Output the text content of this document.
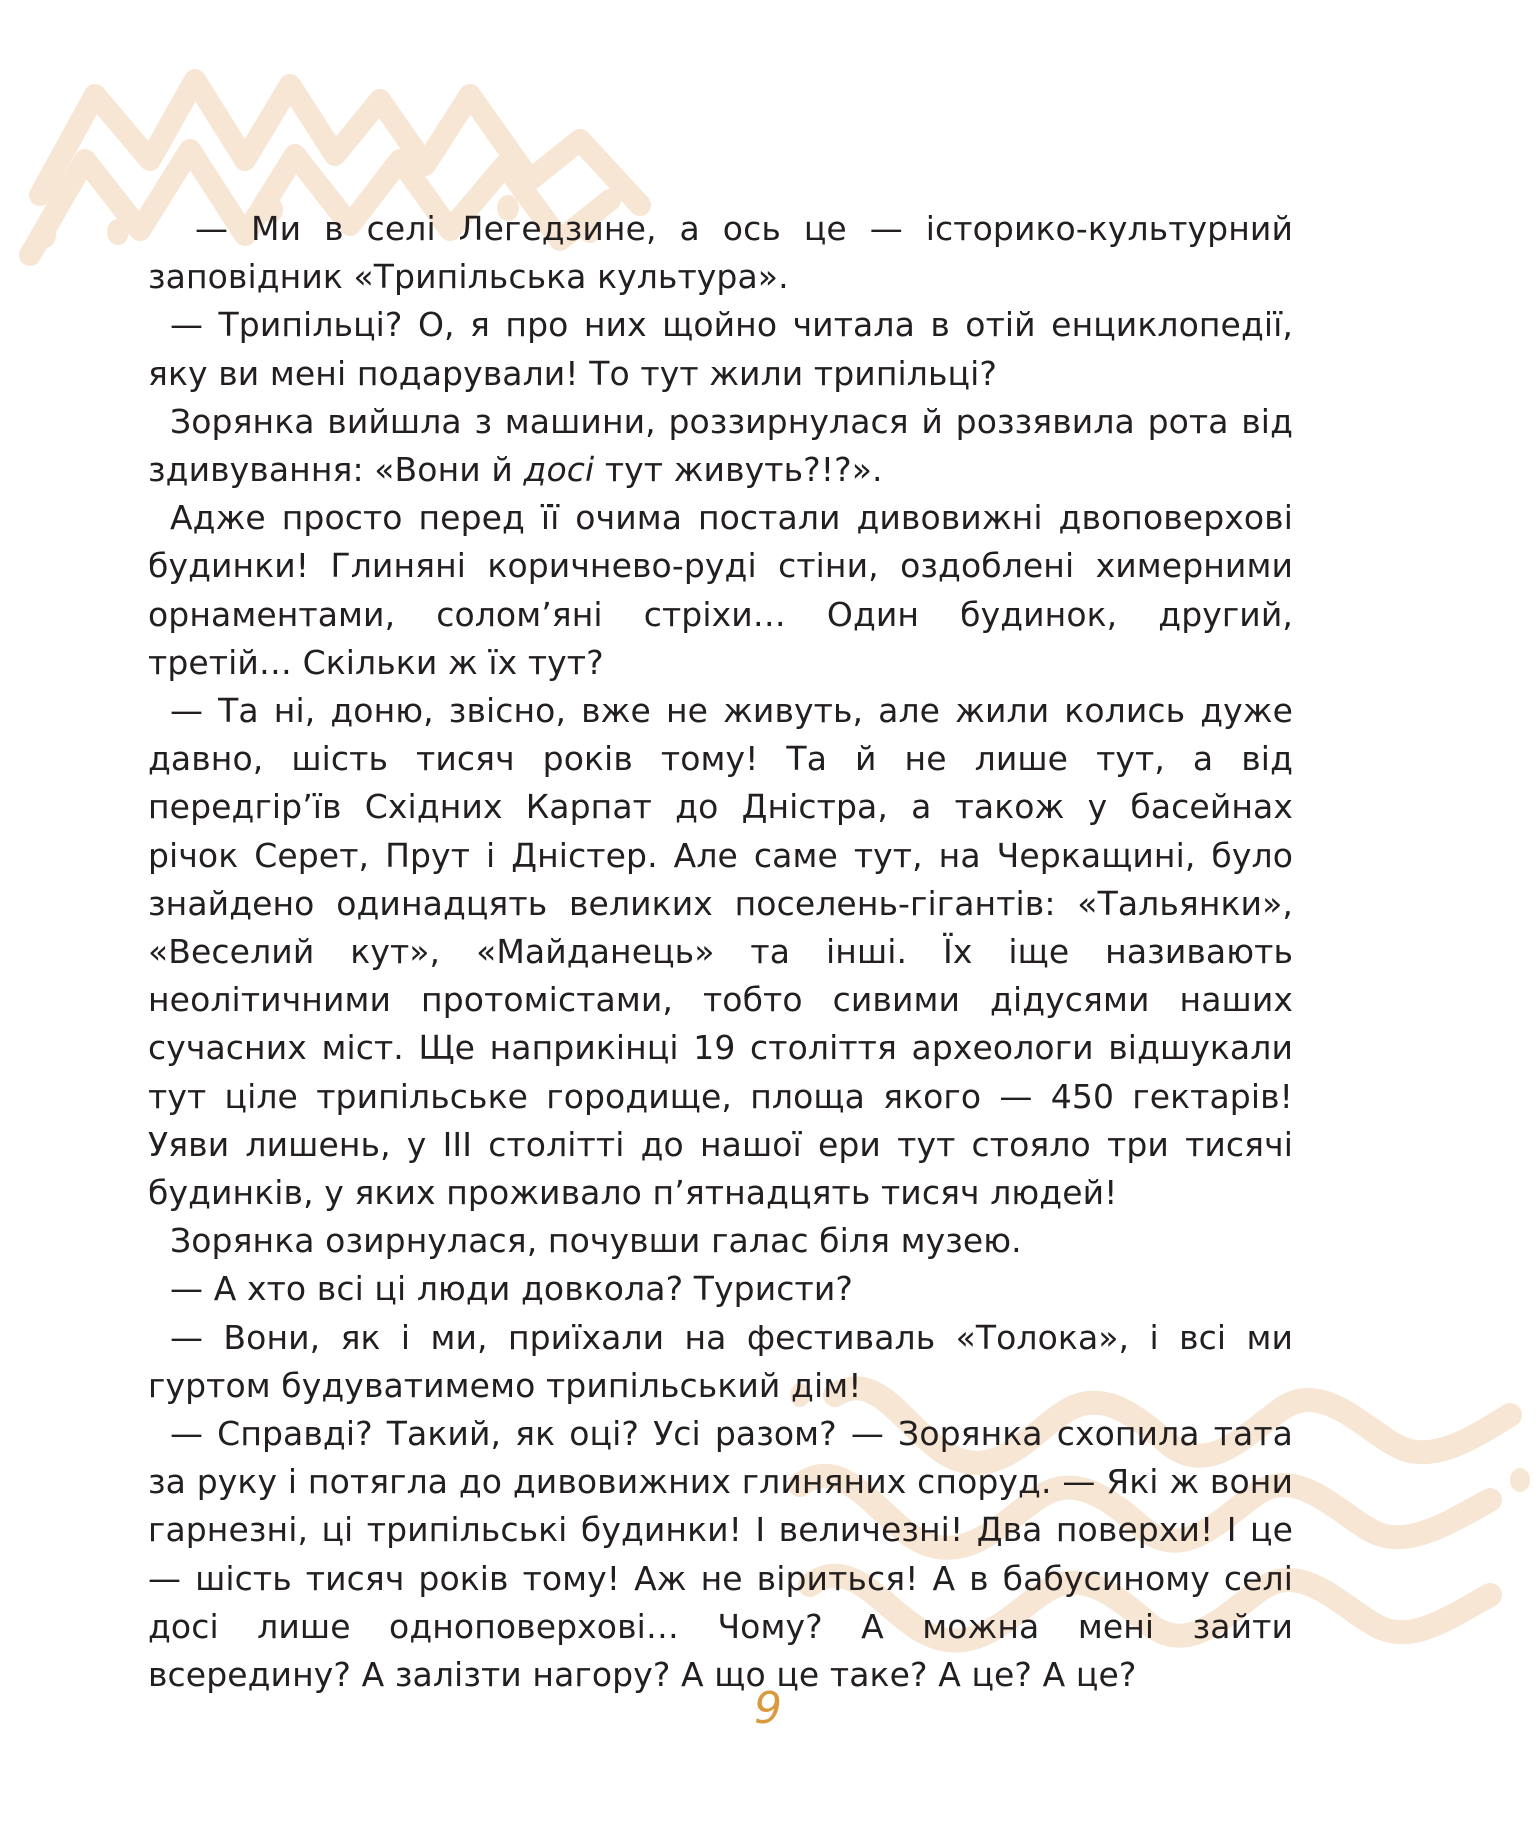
— Ми в селі Легедзине, а ось це — історико-культурний заповідник «Трипільська культура».

— Трипільці? О, я про них щойно читала в отій енциклопедії, яку ви мені подарували! То тут жили трипільці?

Зорянка вийшла з машини, роззирнулася й роззявила рота від здивування: «Вони й досі тут живуть?!?».

Адже просто перед її очима постали дивовижні двоповерхові будинки! Глиняні коричнево-руді стіни, оздоблені химерними орнаментами, солом’яні стріхи… Один будинок, другий, третій… Скільки ж їх тут?

— Та ні, доню, звісно, вже не живуть, але жили колись дуже давно, шість тисяч років тому! Та й не лише тут, а від передгір’їв Східних Карпат до Дністра, а також у басейнах річок Серет, Прут і Дністер. Але саме тут, на Черкащині, було знайдено одинадцять великих поселень-гігантів: «Тальянки», «Веселий кут», «Майданець» та інші. Їх іще називають неолітичними протомістами, тобто сивими дідусями наших сучасних міст. Ще наприкінці 19 століття археологи відшукали тут ціле трипільське городище, площа якого — 450 гектарів! Уяви лишень, у ІІІ столітті до нашої ери тут стояло три тисячі будинків, у яких проживало п’ятнадцять тисяч людей!

Зорянка озирнулася, почувши галас біля музею.

— А хто всі ці люди довкола? Туристи?

— Вони, як і ми, приїхали на фестиваль «Толока», і всі ми гуртом будуватимемо трипільський дім!

— Справді? Такий, як оці? Усі разом? — Зорянка схопила тата за руку і потягла до дивовижних глиняних споруд. — Які ж вони гарнезні, ці трипільські будинки! І величезні! Два поверхи! І це — шість тисяч років тому! Аж не віриться! А в бабусиному селі досі лише одноповерхові… Чому? А можна мені зайти всередину? А залізти нагору? А що це таке? А це? А це?

9
